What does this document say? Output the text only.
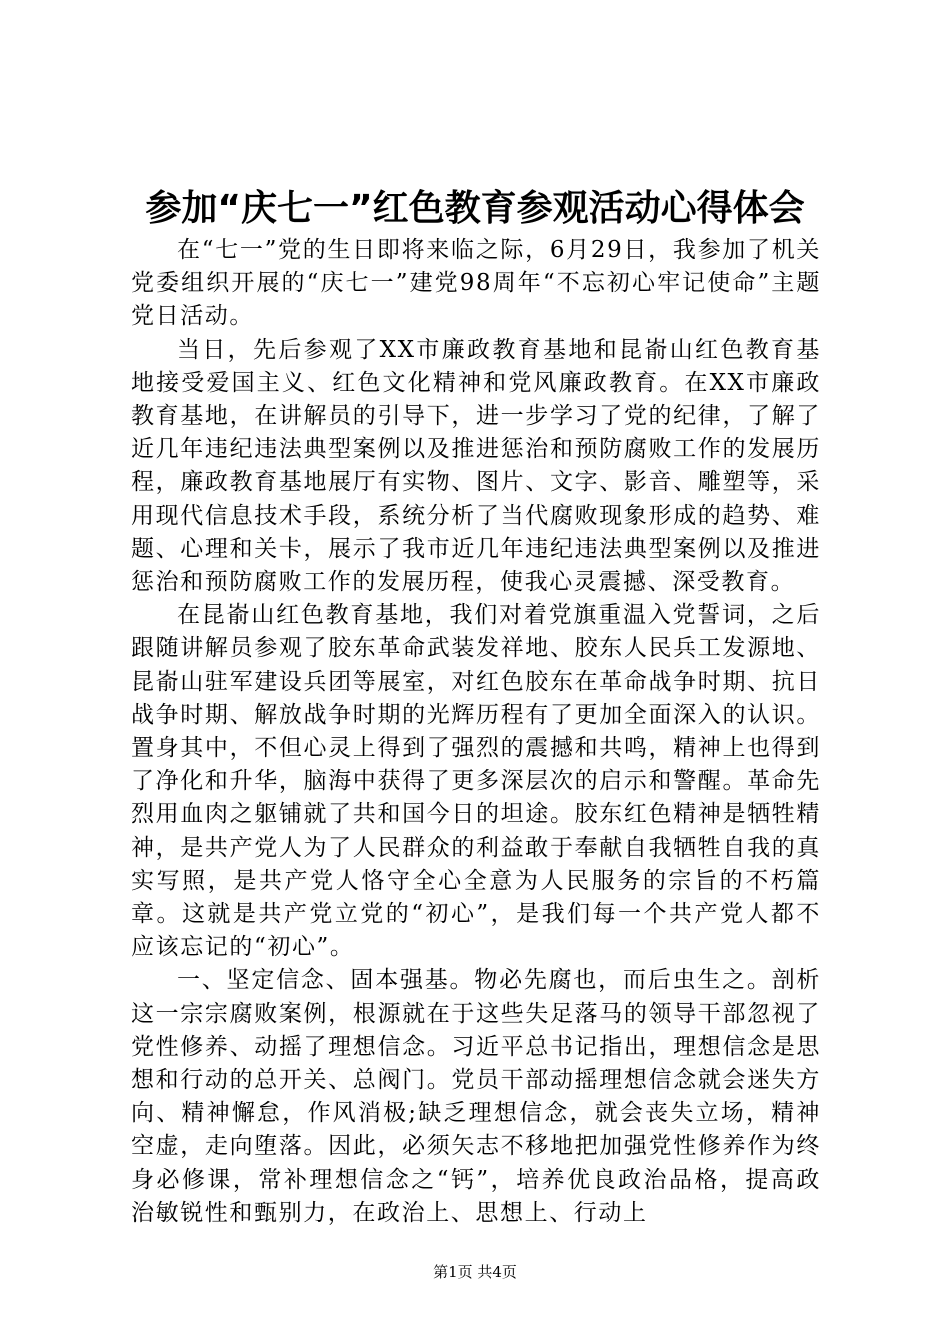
参加“庆七一”红色教育参观活动心得体会

在“七一”党的生日即将来临之际，6月29日，我参加了机关党委组织开展的“庆七一”建党98周年“不忘初心牢记使命”主题党日活动。

当日，先后参观了XX市廉政教育基地和昆嵛山红色教育基地接受爱国主义、红色文化精神和党风廉政教育。在XX市廉政教育基地，在讲解员的引导下，进一步学习了党的纪律，了解了近几年违纪违法典型案例以及推进惩治和预防腐败工作的发展历程，廉政教育基地展厅有实物、图片、文字、影音、雕塑等，采用现代信息技术手段，系统分析了当代腐败现象形成的趋势、难题、心理和关卡，展示了我市近几年违纪违法典型案例以及推进惩治和预防腐败工作的发展历程，使我心灵震撼、深受教育。

在昆嵛山红色教育基地，我们对着党旗重温入党誓词，之后跟随讲解员参观了胶东革命武装发祥地、胶东人民兵工发源地、昆嵛山驻军建设兵团等展室，对红色胶东在革命战争时期、抗日战争时期、解放战争时期的光辉历程有了更加全面深入的认识。置身其中，不但心灵上得到了强烈的震撼和共鸣，精神上也得到了净化和升华，脑海中获得了更多深层次的启示和警醒。革命先烈用血肉之躯铺就了共和国今日的坦途。胶东红色精神是牺牲精神，是共产党人为了人民群众的利益敢于奉献自我牺牲自我的真实写照，是共产党人恪守全心全意为人民服务的宗旨的不朽篇章。这就是共产党立党的“初心”，是我们每一个共产党人都不应该忘记的“初心”。

一、坚定信念、固本强基。物必先腐也，而后虫生之。剖析这一宗宗腐败案例，根源就在于这些失足落马的领导干部忽视了党性修养、动摇了理想信念。习近平总书记指出，理想信念是思想和行动的总开关、总阀门。党员干部动摇理想信念就会迷失方向、精神懈怠，作风消极;缺乏理想信念，就会丧失立场，精神空虚，走向堕落。因此，必须矢志不移地把加强党性修养作为终身必修课，常补理想信念之“钙”，培养优良政治品格，提高政治敏锐性和甄别力，在政治上、思想上、行动上

第1页 共4页
